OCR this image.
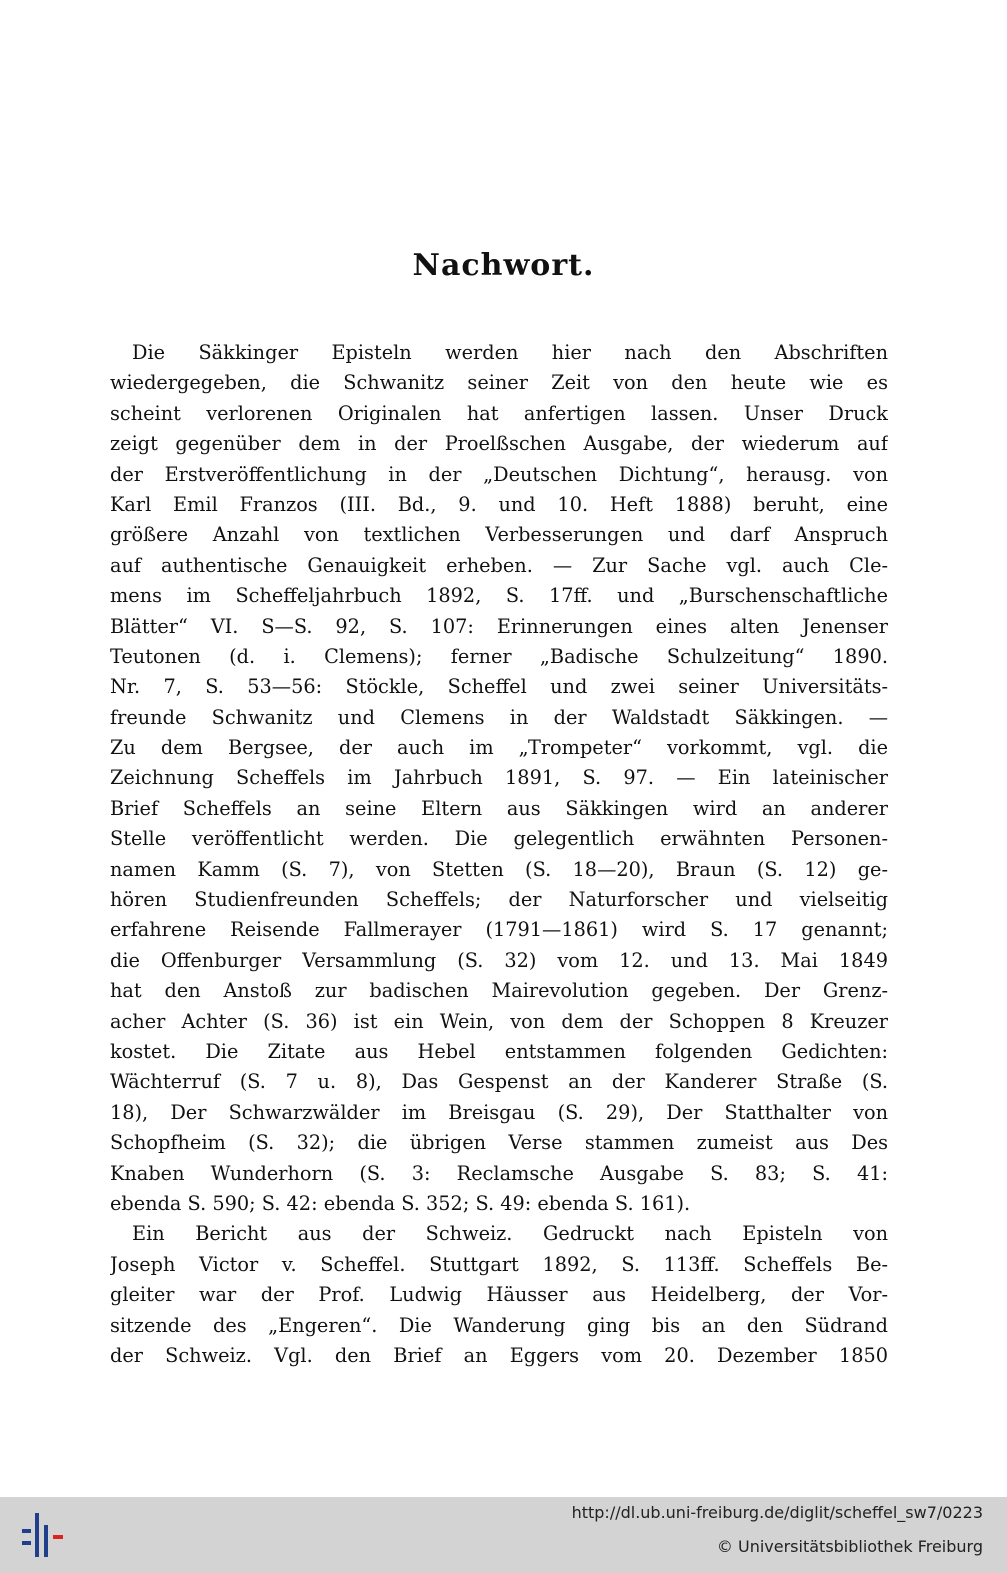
Nachwort.
Die Säkkinger Episteln werden hier nach den Abschriften
wiedergegeben, die Schwanitz seiner Zeit von den heute wie es
scheint verlorenen Originalen hat anfertigen lassen. Unser Druck
zeigt gegenüber dem in der Proelßschen Ausgabe, der wiederum auf
der Erstveröffentlichung in der „Deutschen Dichtung“, herausg. von
Karl Emil Franzos (III. Bd., 9. und 10. Heft 1888) beruht, eine
größere Anzahl von textlichen Verbesserungen und darf Anspruch
auf authentische Genauigkeit erheben. — Zur Sache vgl. auch Cle-
mens im Scheffeljahrbuch 1892, S. 17ff. und „Burschenschaftliche
Blätter“ VI. S—S. 92, S. 107: Erinnerungen eines alten Jenenser
Teutonen (d. i. Clemens); ferner „Badische Schulzeitung“ 1890.
Nr. 7, S. 53—56: Stöckle, Scheffel und zwei seiner Universitäts-
freunde Schwanitz und Clemens in der Waldstadt Säkkingen. —
Zu dem Bergsee, der auch im „Trompeter“ vorkommt, vgl. die
Zeichnung Scheffels im Jahrbuch 1891, S. 97. — Ein lateinischer
Brief Scheffels an seine Eltern aus Säkkingen wird an anderer
Stelle veröffentlicht werden. Die gelegentlich erwähnten Personen-
namen Kamm (S. 7), von Stetten (S. 18—20), Braun (S. 12) ge-
hören Studienfreunden Scheffels; der Naturforscher und vielseitig
erfahrene Reisende Fallmerayer (1791—1861) wird S. 17 genannt;
die Offenburger Versammlung (S. 32) vom 12. und 13. Mai 1849
hat den Anstoß zur badischen Mairevolution gegeben. Der Grenz-
acher Achter (S. 36) ist ein Wein, von dem der Schoppen 8 Kreuzer
kostet. Die Zitate aus Hebel entstammen folgenden Gedichten:
Wächterruf (S. 7 u. 8), Das Gespenst an der Kanderer Straße (S.
18), Der Schwarzwälder im Breisgau (S. 29), Der Statthalter von
Schopfheim (S. 32); die übrigen Verse stammen zumeist aus Des
Knaben Wunderhorn (S. 3: Reclamsche Ausgabe S. 83; S. 41:
ebenda S. 590; S. 42: ebenda S. 352; S. 49: ebenda S. 161).
Ein Bericht aus der Schweiz. Gedruckt nach Episteln von
Joseph Victor v. Scheffel. Stuttgart 1892, S. 113ff. Scheffels Be-
gleiter war der Prof. Ludwig Häusser aus Heidelberg, der Vor-
sitzende des „Engeren“. Die Wanderung ging bis an den Südrand
der Schweiz. Vgl. den Brief an Eggers vom 20. Dezember 1850
http://dl.ub.uni-freiburg.de/diglit/scheffel_sw7/0223
© Universitätsbibliothek Freiburg
